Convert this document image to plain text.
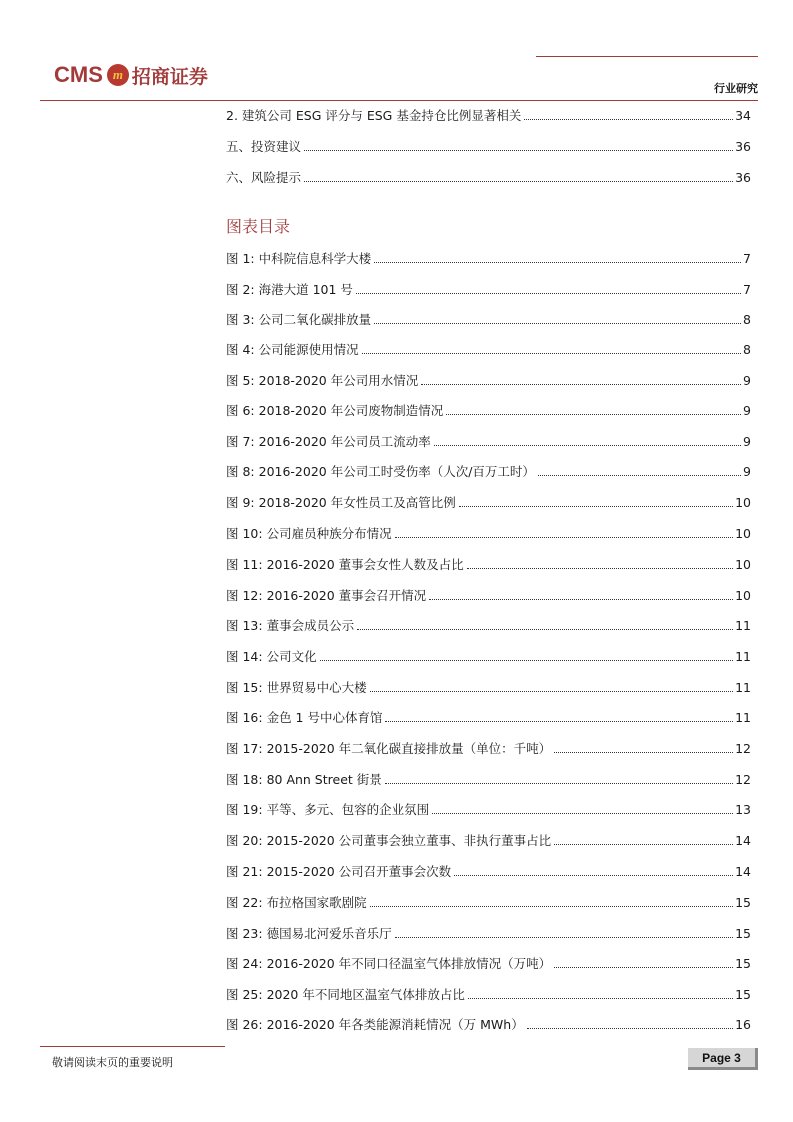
CMS m 招商证券
行业研究
2. 建筑公司 ESG 评分与 ESG 基金持仓比例显著相关	34
五、投资建议	36
六、风险提示	36
图表目录
图 1: 中科院信息科学大楼	7
图 2: 海港大道 101 号	7
图 3: 公司二氧化碳排放量	8
图 4: 公司能源使用情况	8
图 5: 2018-2020 年公司用水情况	9
图 6: 2018-2020 年公司废物制造情况	9
图 7: 2016-2020 年公司员工流动率	9
图 8: 2016-2020 年公司工时受伤率（人次/百万工时）	9
图 9: 2018-2020 年女性员工及高管比例	10
图 10: 公司雇员种族分布情况	10
图 11: 2016-2020 董事会女性人数及占比	10
图 12: 2016-2020 董事会召开情况	10
图 13: 董事会成员公示	11
图 14: 公司文化	11
图 15: 世界贸易中心大楼	11
图 16: 金色 1 号中心体育馆	11
图 17: 2015-2020 年二氧化碳直接排放量（单位：千吨）	12
图 18: 80 Ann Street 街景	12
图 19: 平等、多元、包容的企业氛围	13
图 20: 2015-2020 公司董事会独立董事、非执行董事占比	14
图 21: 2015-2020 公司召开董事会次数	14
图 22: 布拉格国家歌剧院	15
图 23: 德国易北河爱乐音乐厅	15
图 24: 2016-2020 年不同口径温室气体排放情况（万吨）	15
图 25: 2020 年不同地区温室气体排放占比	15
图 26: 2016-2020 年各类能源消耗情况（万 MWh）	16
敬请阅读末页的重要说明	Page 3
